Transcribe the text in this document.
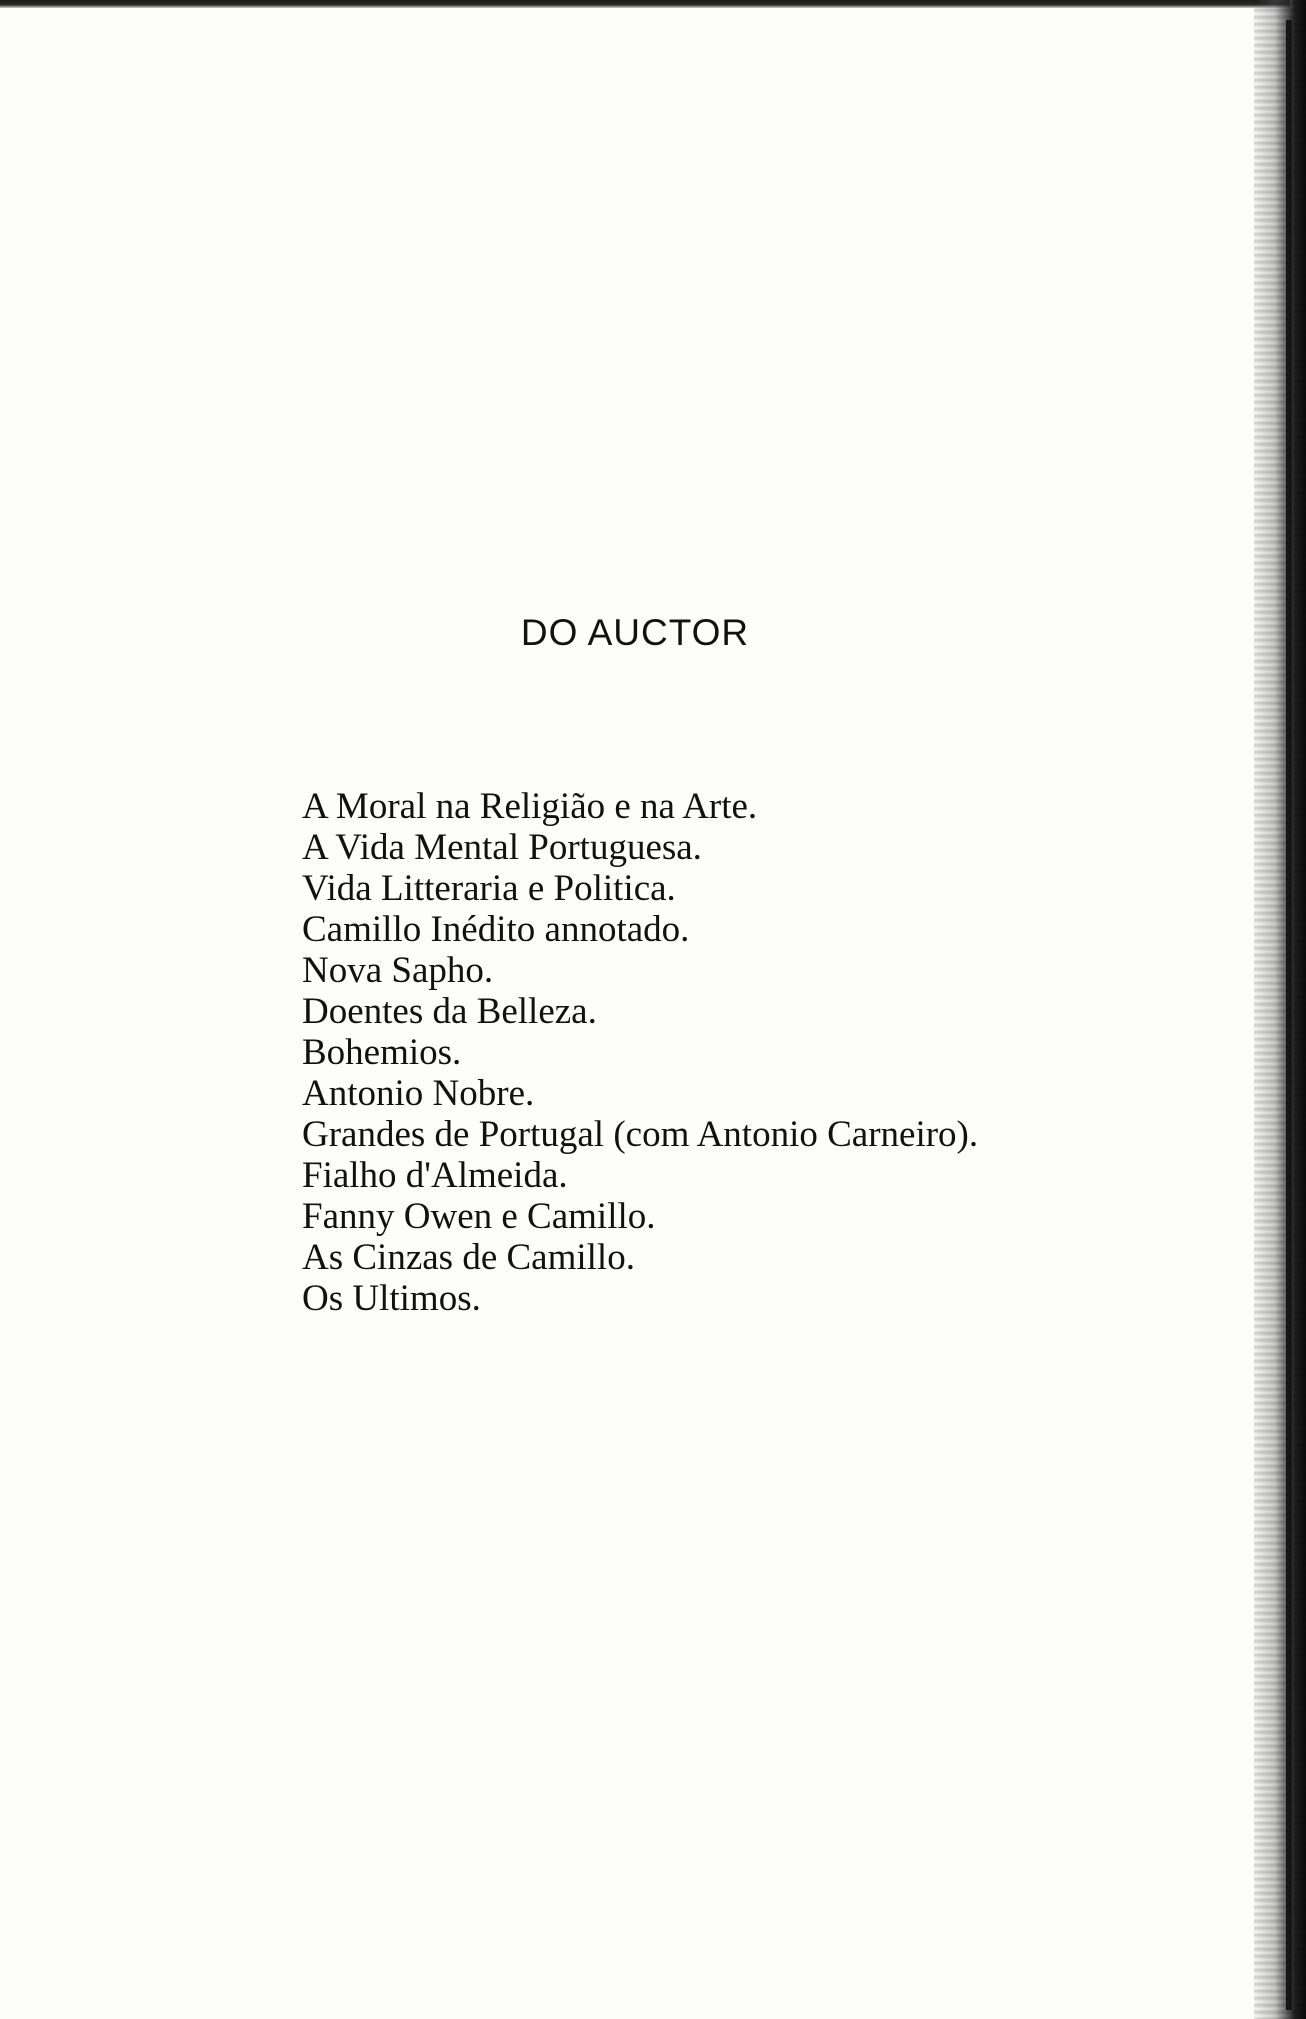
DO AUCTOR
A Moral na Religião e na Arte.
A Vida Mental Portuguesa.
Vida Litteraria e Politica.
Camillo Inédito annotado.
Nova Sapho.
Doentes da Belleza.
Bohemios.
Antonio Nobre.
Grandes de Portugal (com Antonio Carneiro).
Fialho d'Almeida.
Fanny Owen e Camillo.
As Cinzas de Camillo.
Os Ultimos.
